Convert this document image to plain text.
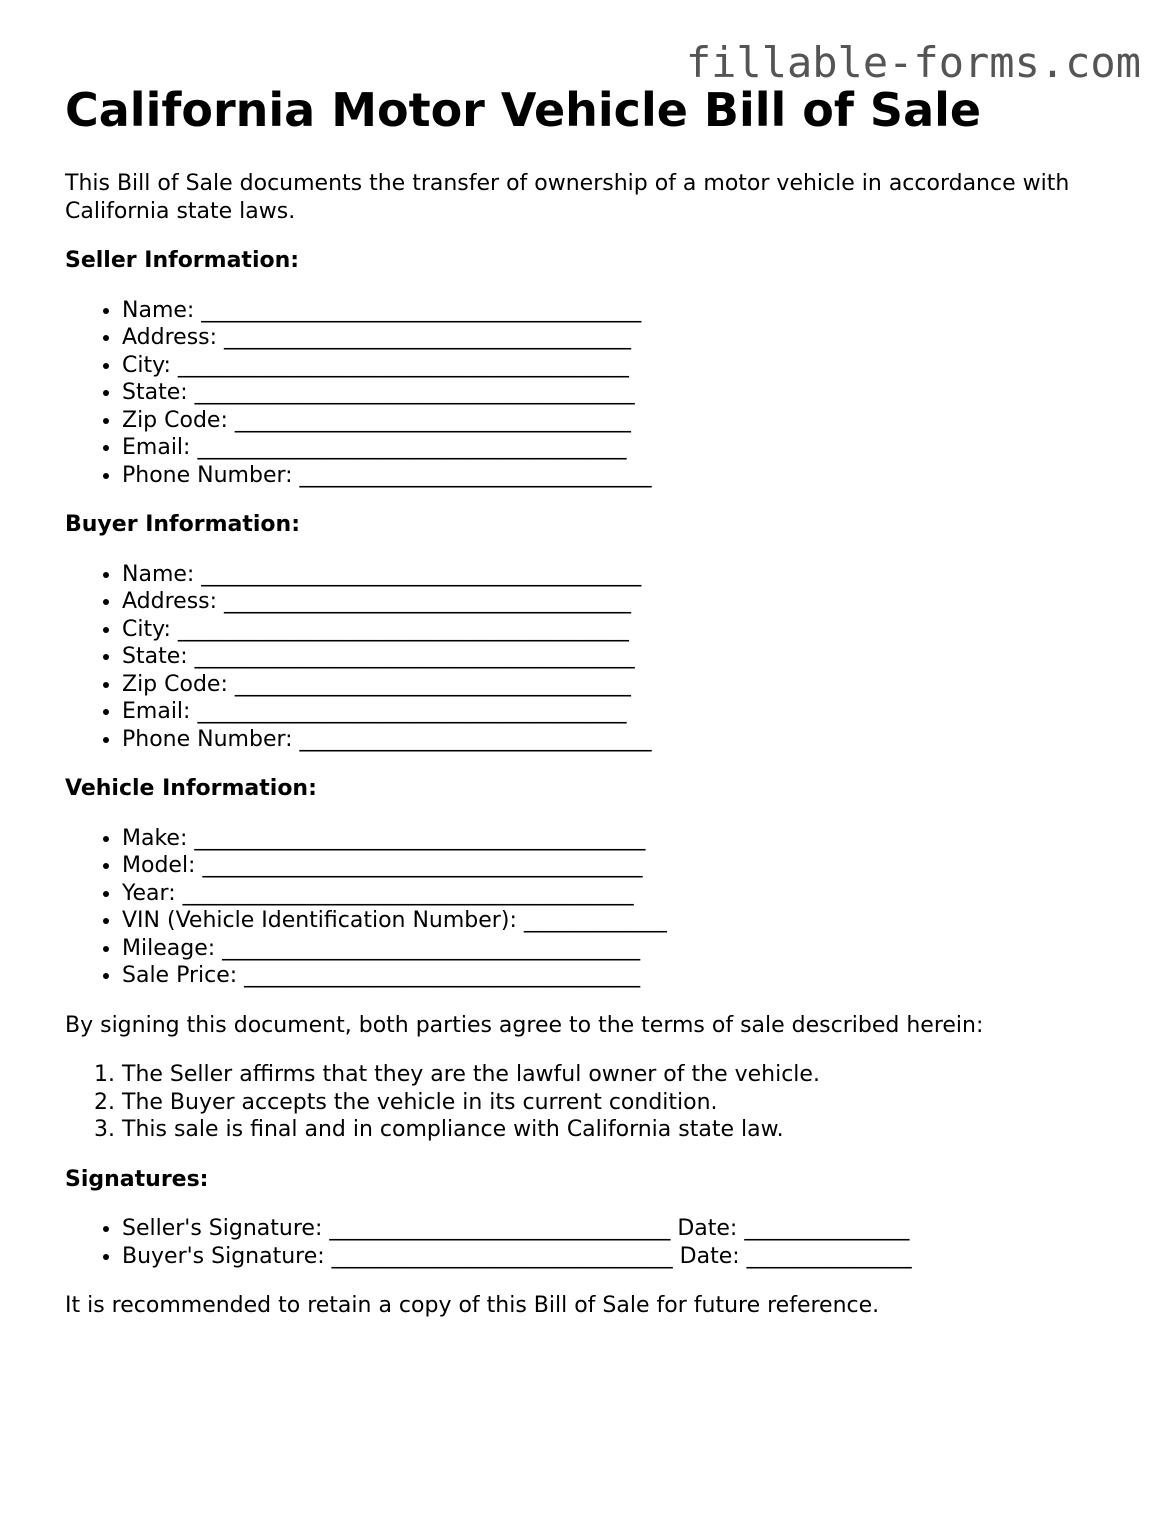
fillable-forms.com
California Motor Vehicle Bill of Sale

This Bill of Sale documents the transfer of ownership of a motor vehicle in accordance with California state laws.

Seller Information:
• Name: ________________________________________
• Address: _____________________________________
• City: _________________________________________
• State: ________________________________________
• Zip Code: ____________________________________
• Email: _______________________________________
• Phone Number: ________________________________
Buyer Information:
• Name: ________________________________________
• Address: _____________________________________
• City: _________________________________________
• State: ________________________________________
• Zip Code: ____________________________________
• Email: _______________________________________
• Phone Number: ________________________________
Vehicle Information:
• Make: _________________________________________
• Model: ________________________________________
• Year: _________________________________________
• VIN (Vehicle Identification Number): _____________
• Mileage: ______________________________________
• Sale Price: ____________________________________

By signing this document, both parties agree to the terms of sale described herein:

1. The Seller affirms that they are the lawful owner of the vehicle.
2. The Buyer accepts the vehicle in its current condition.
3. This sale is final and in compliance with California state law.
Signatures:
• Seller's Signature: _______________________________ Date: _______________
• Buyer's Signature: _______________________________ Date: _______________

It is recommended to retain a copy of this Bill of Sale for future reference.
